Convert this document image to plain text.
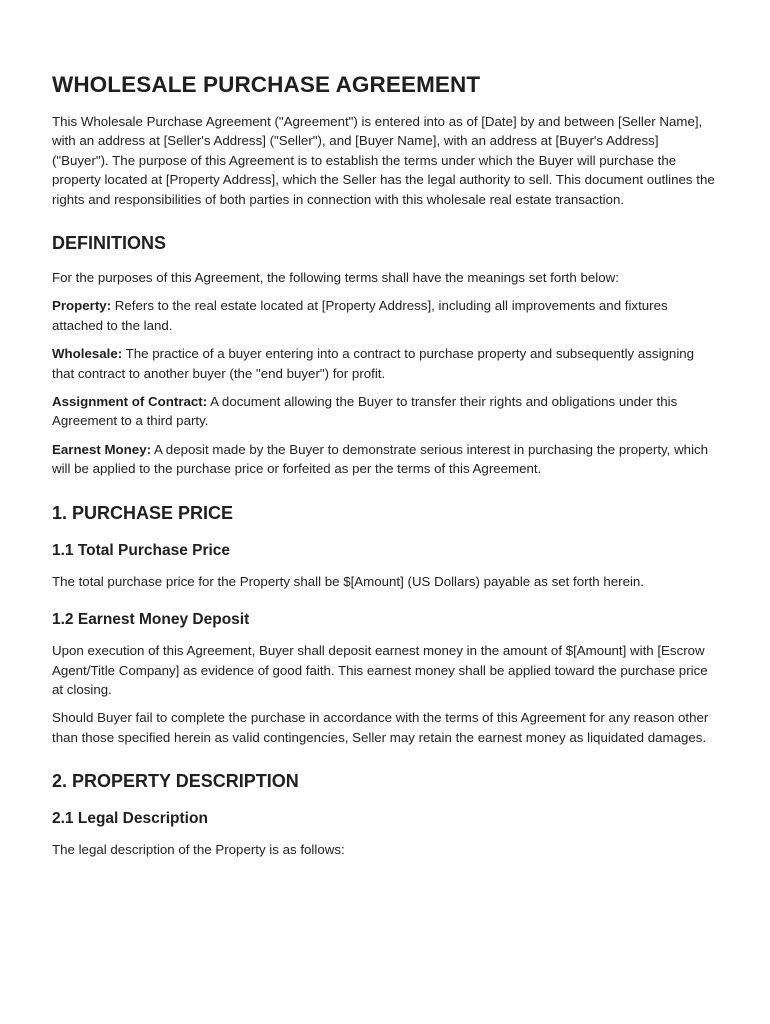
WHOLESALE PURCHASE AGREEMENT

This Wholesale Purchase Agreement ("Agreement") is entered into as of [Date] by and between [Seller Name], with an address at [Seller's Address] ("Seller"), and [Buyer Name], with an address at [Buyer's Address] ("Buyer"). The purpose of this Agreement is to establish the terms under which the Buyer will purchase the property located at [Property Address], which the Seller has the legal authority to sell. This document outlines the rights and responsibilities of both parties in connection with this wholesale real estate transaction.

DEFINITIONS

For the purposes of this Agreement, the following terms shall have the meanings set forth below:

Property: Refers to the real estate located at [Property Address], including all improvements and fixtures attached to the land.

Wholesale: The practice of a buyer entering into a contract to purchase property and subsequently assigning that contract to another buyer (the "end buyer") for profit.

Assignment of Contract: A document allowing the Buyer to transfer their rights and obligations under this Agreement to a third party.

Earnest Money: A deposit made by the Buyer to demonstrate serious interest in purchasing the property, which will be applied to the purchase price or forfeited as per the terms of this Agreement.

1. PURCHASE PRICE
1.1 Total Purchase Price

The total purchase price for the Property shall be $[Amount] (US Dollars) payable as set forth herein.

1.2 Earnest Money Deposit

Upon execution of this Agreement, Buyer shall deposit earnest money in the amount of $[Amount] with [Escrow Agent/Title Company] as evidence of good faith. This earnest money shall be applied toward the purchase price at closing.

Should Buyer fail to complete the purchase in accordance with the terms of this Agreement for any reason other than those specified herein as valid contingencies, Seller may retain the earnest money as liquidated damages.

2. PROPERTY DESCRIPTION
2.1 Legal Description

The legal description of the Property is as follows:
